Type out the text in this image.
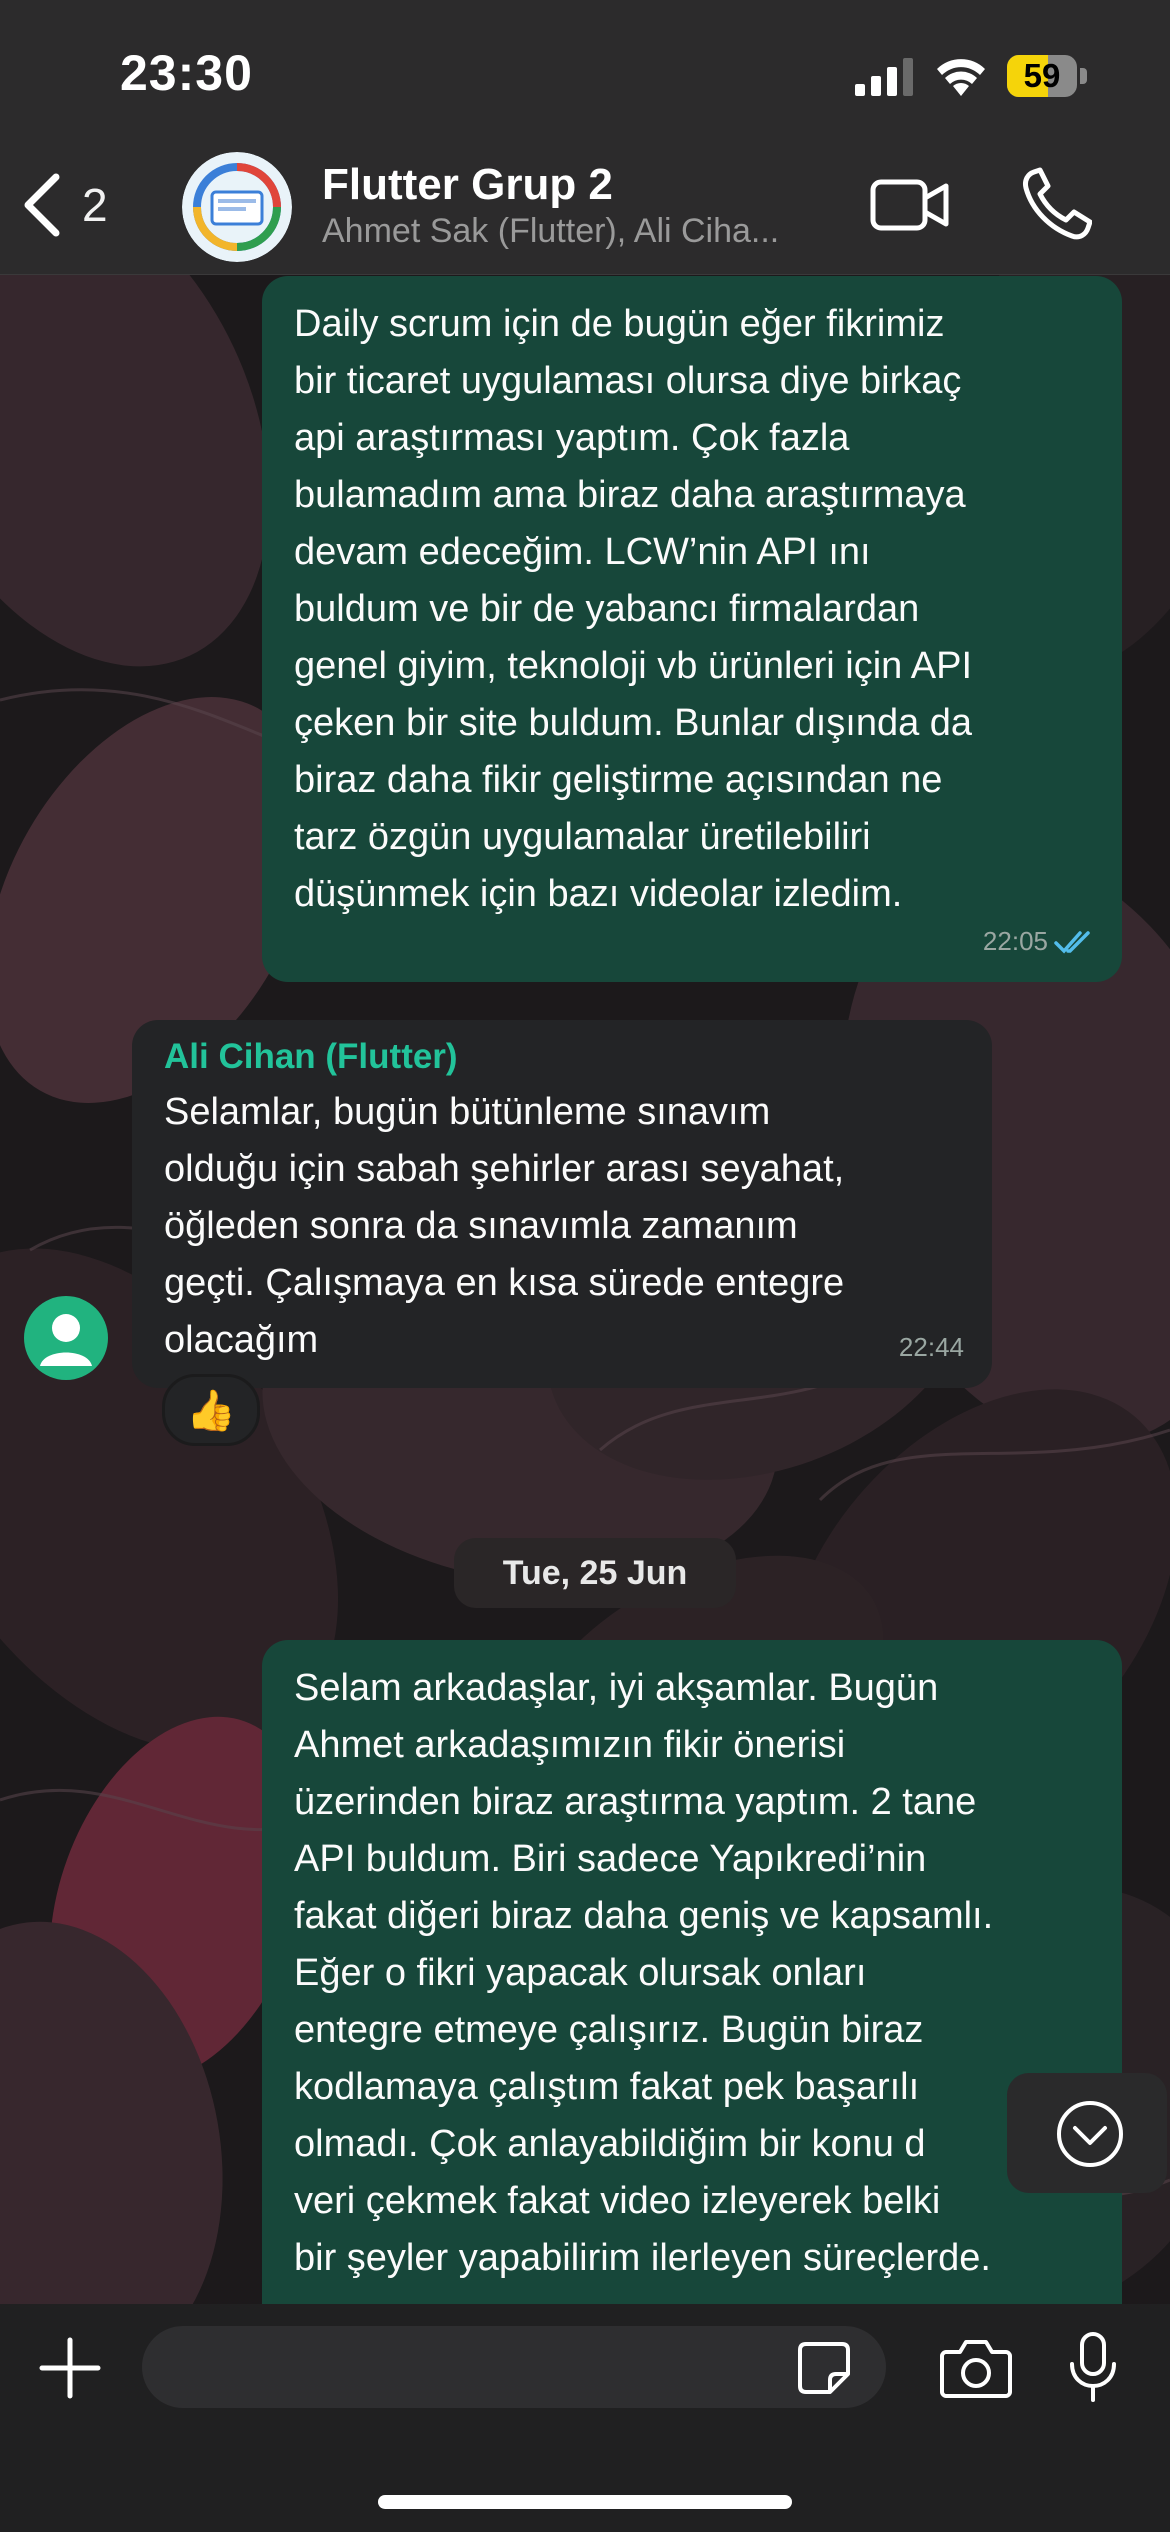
23:30	59
2	Flutter Grup 2
Ahmet Sak (Flutter), Ali Ciha...
Daily scrum için de bugün eğer fikrimiz
bir ticaret uygulaması olursa diye birkaç
api araştırması yaptım. Çok fazla
bulamadım ama biraz daha araştırmaya
devam edeceğim. LCW’nin API ını
buldum ve bir de yabancı firmalardan
genel giyim, teknoloji vb ürünleri için API
çeken bir site buldum. Bunlar dışında da
biraz daha fikir geliştirme açısından ne
tarz özgün uygulamalar üretilebiliri
düşünmek için bazı videolar izledim.
22:05
Ali Cihan (Flutter)
Selamlar, bugün bütünleme sınavım
olduğu için sabah şehirler arası seyahat,
öğleden sonra da sınavımla zamanım
geçti. Çalışmaya en kısa sürede entegre
olacağım	22:44
👍
Tue, 25 Jun
Selam arkadaşlar, iyi akşamlar. Bugün
Ahmet arkadaşımızın fikir önerisi
üzerinden biraz araştırma yaptım. 2 tane
API buldum. Biri sadece Yapıkredi’nin
fakat diğeri biraz daha geniş ve kapsamlı.
Eğer o fikri yapacak olursak onları
entegre etmeye çalışırız. Bugün biraz
kodlamaya çalıştım fakat pek başarılı
olmadı. Çok anlayabildiğim bir konu d
veri çekmek fakat video izleyerek belki
bir şeyler yapabilirim ilerleyen süreçlerde.
